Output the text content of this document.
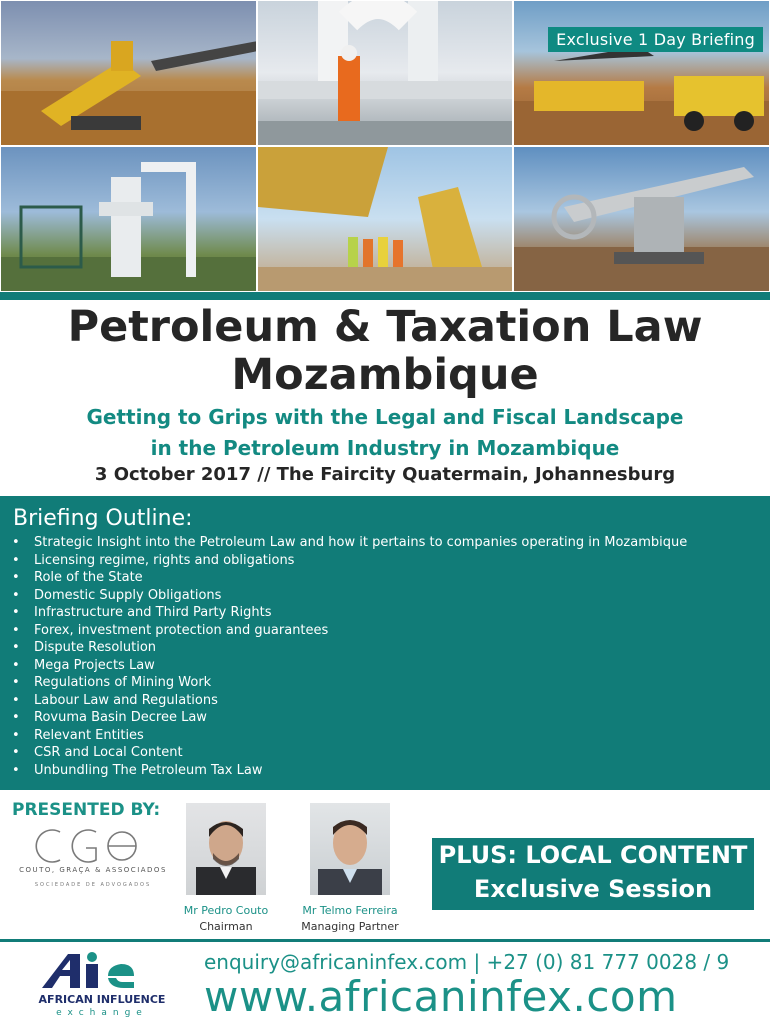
Exclusive 1 Day Briefing
Petroleum & Taxation Law
Mozambique
Getting to Grips with the Legal and Fiscal Landscape
in the Petroleum Industry in Mozambique
3 October 2017 // The Faircity Quatermain, Johannesburg
Briefing Outline:
• Strategic Insight into the Petroleum Law and how it pertains to companies operating in Mozambique
• Licensing regime, rights and obligations
• Role of the State
• Domestic Supply Obligations
• Infrastructure and Third Party Rights
• Forex, investment protection and guarantees
• Dispute Resolution
• Mega Projects Law
• Regulations of Mining Work
• Labour Law and Regulations
• Rovuma Basin Decree Law
• Relevant Entities
• CSR and Local Content
• Unbundling The Petroleum Tax Law
PRESENTED BY:
COUTO, GRAÇA & ASSOCIADOS
SOCIEDADE DE ADVOGADOS
Mr Pedro Couto
Chairman
Mr Telmo Ferreira
Managing Partner
PLUS: LOCAL CONTENT
Exclusive Session
AFRICAN INFLUENCE
exchange
enquiry@africaninfex.com | +27 (0) 81 777 0028 / 9
www.africaninfex.com
